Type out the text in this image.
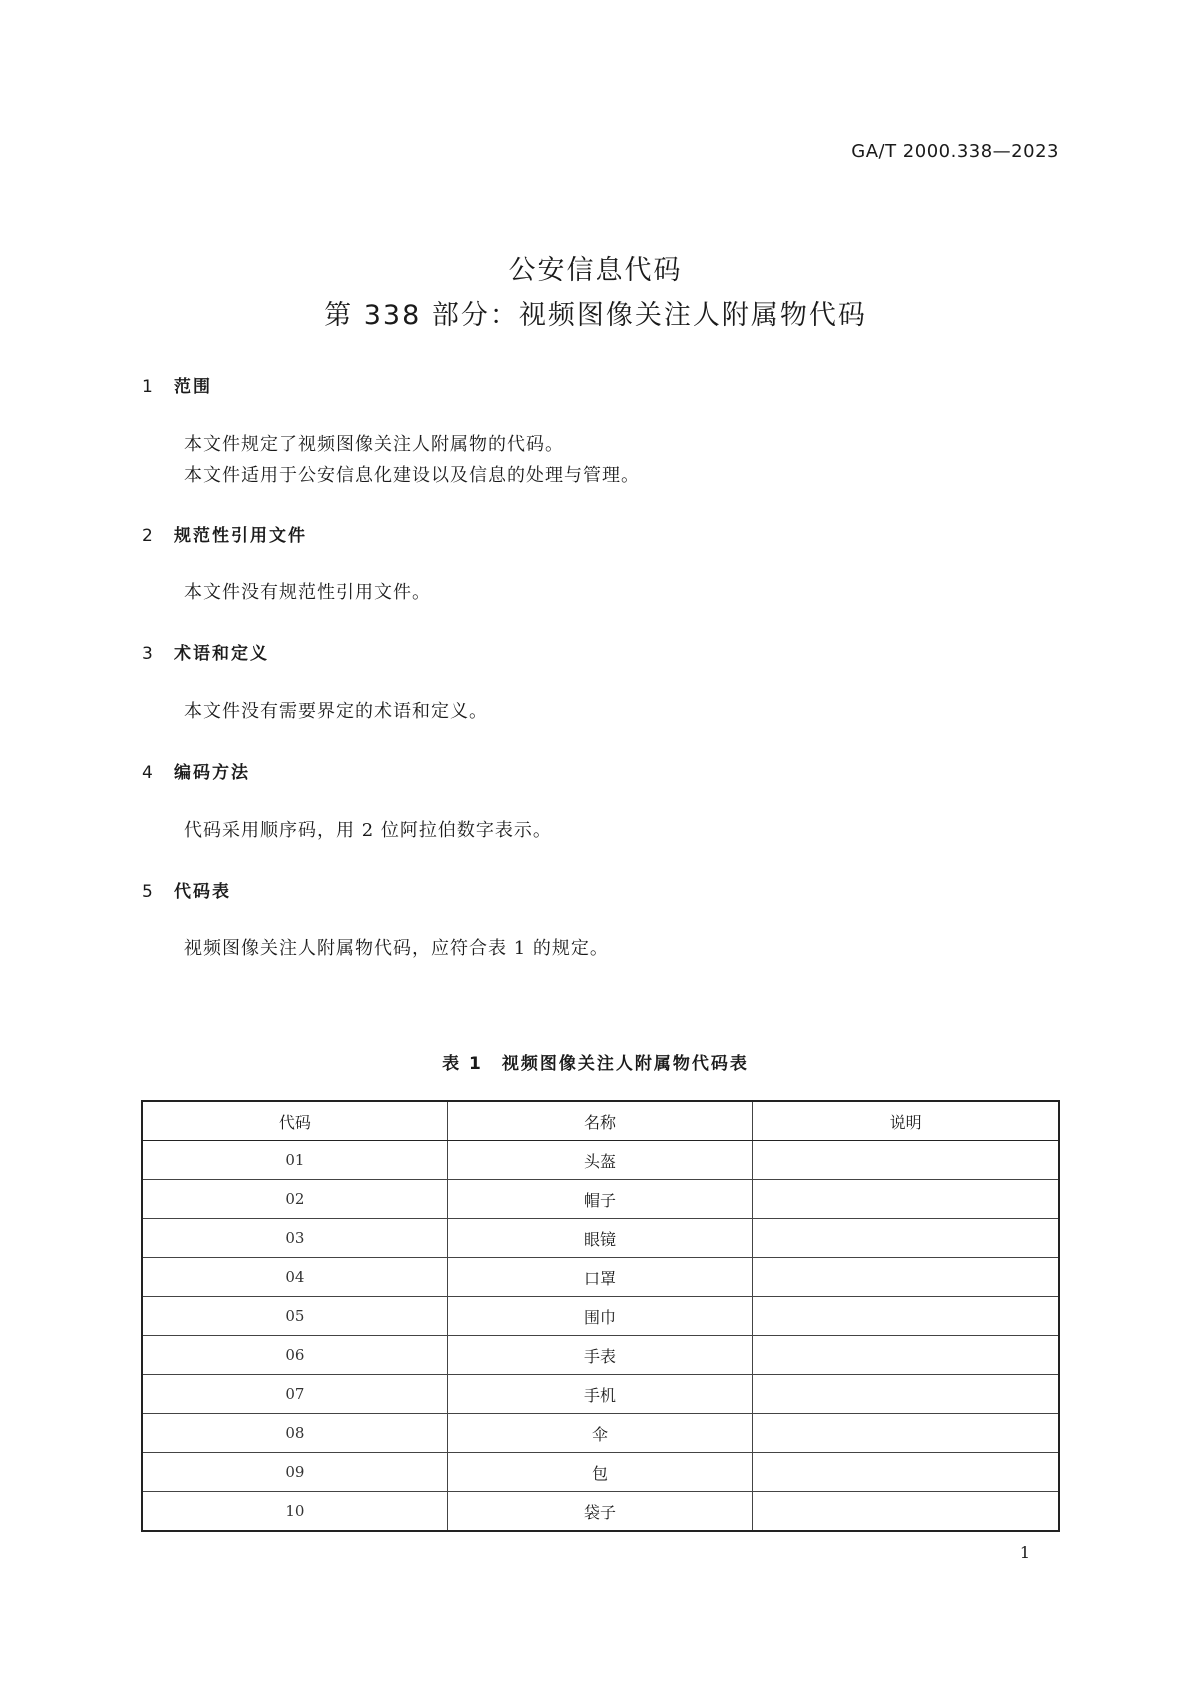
GA/T 2000.338—2023
公安信息代码
第 338 部分：视频图像关注人附属物代码
1 范围
本文件规定了视频图像关注人附属物的代码。
本文件适用于公安信息化建设以及信息的处理与管理。
2 规范性引用文件
本文件没有规范性引用文件。
3 术语和定义
本文件没有需要界定的术语和定义。
4 编码方法
代码采用顺序码，用 2 位阿拉伯数字表示。
5 代码表
视频图像关注人附属物代码，应符合表 1 的规定。
表 1　视频图像关注人附属物代码表
代码	名称	说明
01	头盔	
02	帽子	
03	眼镜	
04	口罩	
05	围巾	
06	手表	
07	手机	
08	伞	
09	包	
10	袋子	
1
